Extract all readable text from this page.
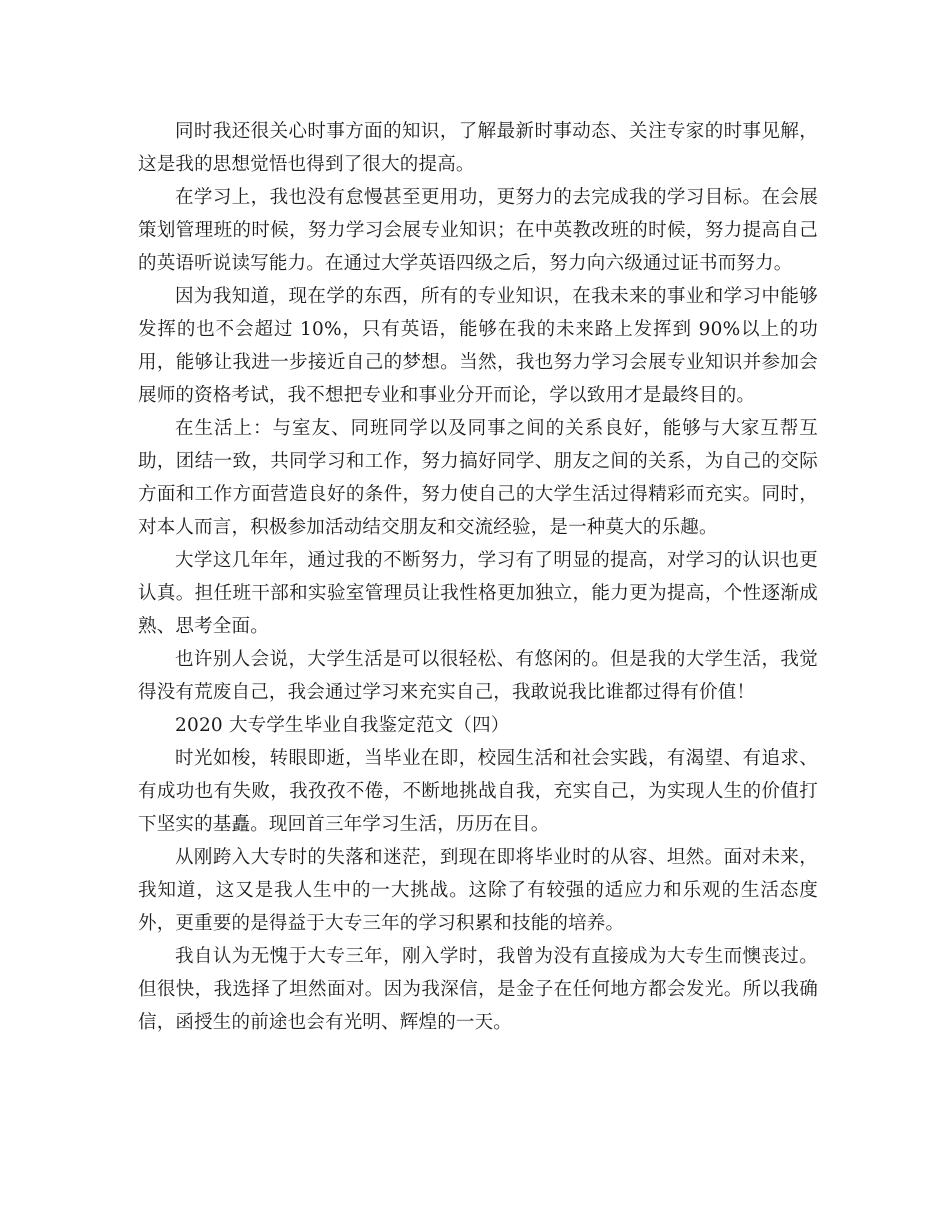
同时我还很关心时事方面的知识，了解最新时事动态、关注专家的时事见解，这是我的思想觉悟也得到了很大的提高。

在学习上，我也没有怠慢甚至更用功，更努力的去完成我的学习目标。在会展策划管理班的时候，努力学习会展专业知识；在中英教改班的时候，努力提高自己的英语听说读写能力。在通过大学英语四级之后，努力向六级通过证书而努力。

因为我知道，现在学的东西，所有的专业知识，在我未来的事业和学习中能够发挥的也不会超过 10%，只有英语，能够在我的未来路上发挥到 90%以上的功用，能够让我进一步接近自己的梦想。当然，我也努力学习会展专业知识并参加会展师的资格考试，我不想把专业和事业分开而论，学以致用才是最终目的。

在生活上：与室友、同班同学以及同事之间的关系良好，能够与大家互帮互助，团结一致，共同学习和工作，努力搞好同学、朋友之间的关系，为自己的交际方面和工作方面营造良好的条件，努力使自己的大学生活过得精彩而充实。同时，对本人而言，积极参加活动结交朋友和交流经验，是一种莫大的乐趣。

大学这几年年，通过我的不断努力，学习有了明显的提高，对学习的认识也更认真。担任班干部和实验室管理员让我性格更加独立，能力更为提高，个性逐渐成熟、思考全面。

也许别人会说，大学生活是可以很轻松、有悠闲的。但是我的大学生活，我觉得没有荒废自己，我会通过学习来充实自己，我敢说我比谁都过得有价值！

2020 大专学生毕业自我鉴定范文（四）

时光如梭，转眼即逝，当毕业在即，校园生活和社会实践，有渴望、有追求、有成功也有失败，我孜孜不倦，不断地挑战自我，充实自己，为实现人生的价值打下坚实的基矗。现回首三年学习生活，历历在目。

从刚跨入大专时的失落和迷茫，到现在即将毕业时的从容、坦然。面对未来，我知道，这又是我人生中的一大挑战。这除了有较强的适应力和乐观的生活态度外，更重要的是得益于大专三年的学习积累和技能的培养。

我自认为无愧于大专三年，刚入学时，我曾为没有直接成为大专生而懊丧过。但很快，我选择了坦然面对。因为我深信，是金子在任何地方都会发光。所以我确信，函授生的前途也会有光明、辉煌的一天。
